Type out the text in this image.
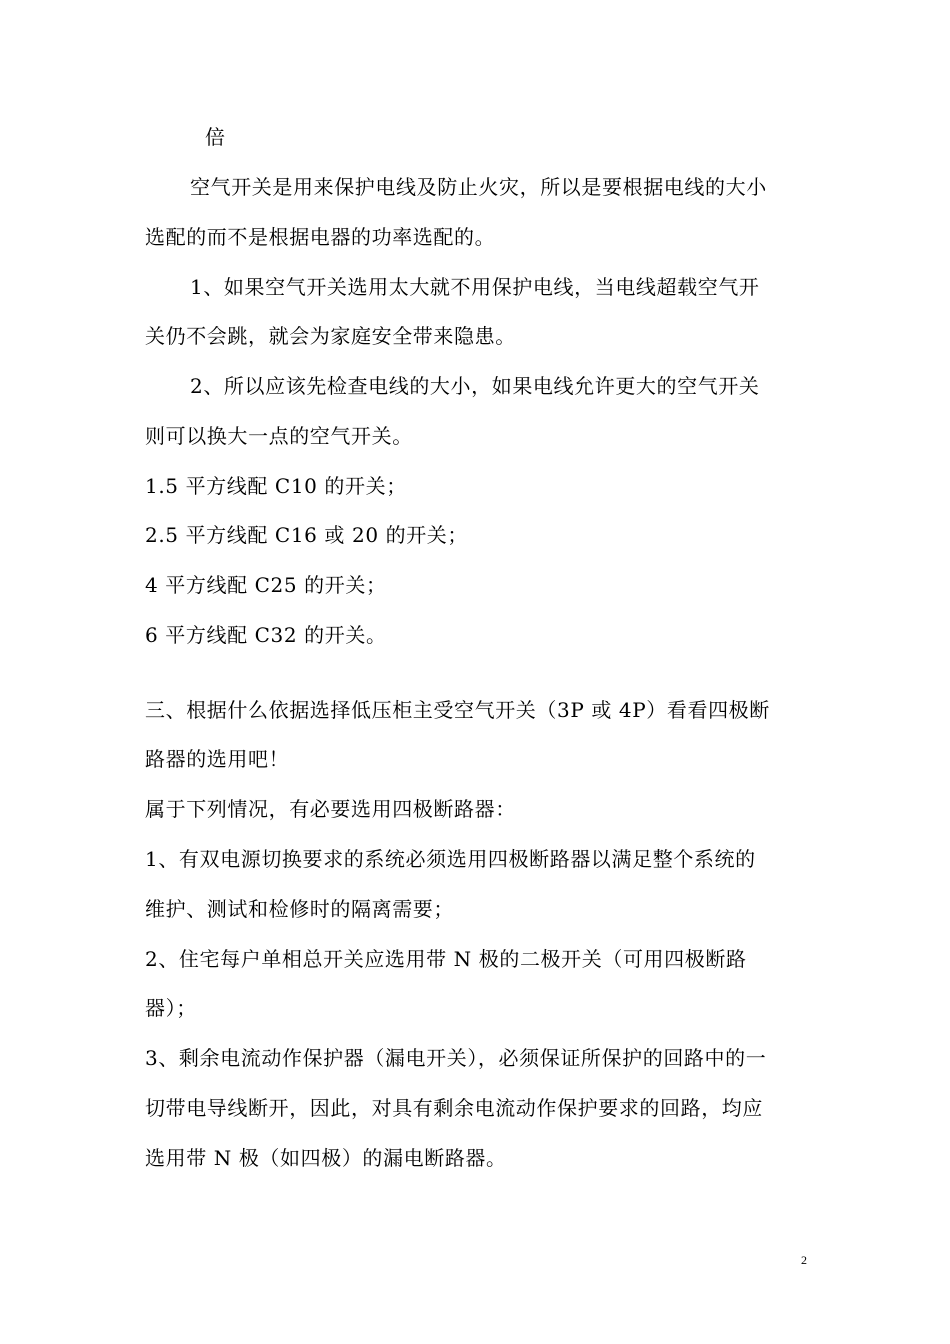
倍
空气开关是用来保护电线及防止火灾，所以是要根据电线的大小
选配的而不是根据电器的功率选配的。
1、如果空气开关选用太大就不用保护电线，当电线超载空气开
关仍不会跳，就会为家庭安全带来隐患。
2、所以应该先检查电线的大小，如果电线允许更大的空气开关
则可以换大一点的空气开关。
1.5 平方线配 C10 的开关；
2.5 平方线配 C16 或 20 的开关；
4 平方线配 C25 的开关；
6 平方线配 C32 的开关。
三、根据什么依据选择低压柜主受空气开关（3P 或 4P）看看四极断
路器的选用吧！
属于下列情况，有必要选用四极断路器：
1、有双电源切换要求的系统必须选用四极断路器以满足整个系统的
维护、测试和检修时的隔离需要；
2、住宅每户单相总开关应选用带 N 极的二极开关（可用四极断路
器）；
3、剩余电流动作保护器（漏电开关），必须保证所保护的回路中的一
切带电导线断开，因此，对具有剩余电流动作保护要求的回路，均应
选用带 N 极（如四极）的漏电断路器。
2
